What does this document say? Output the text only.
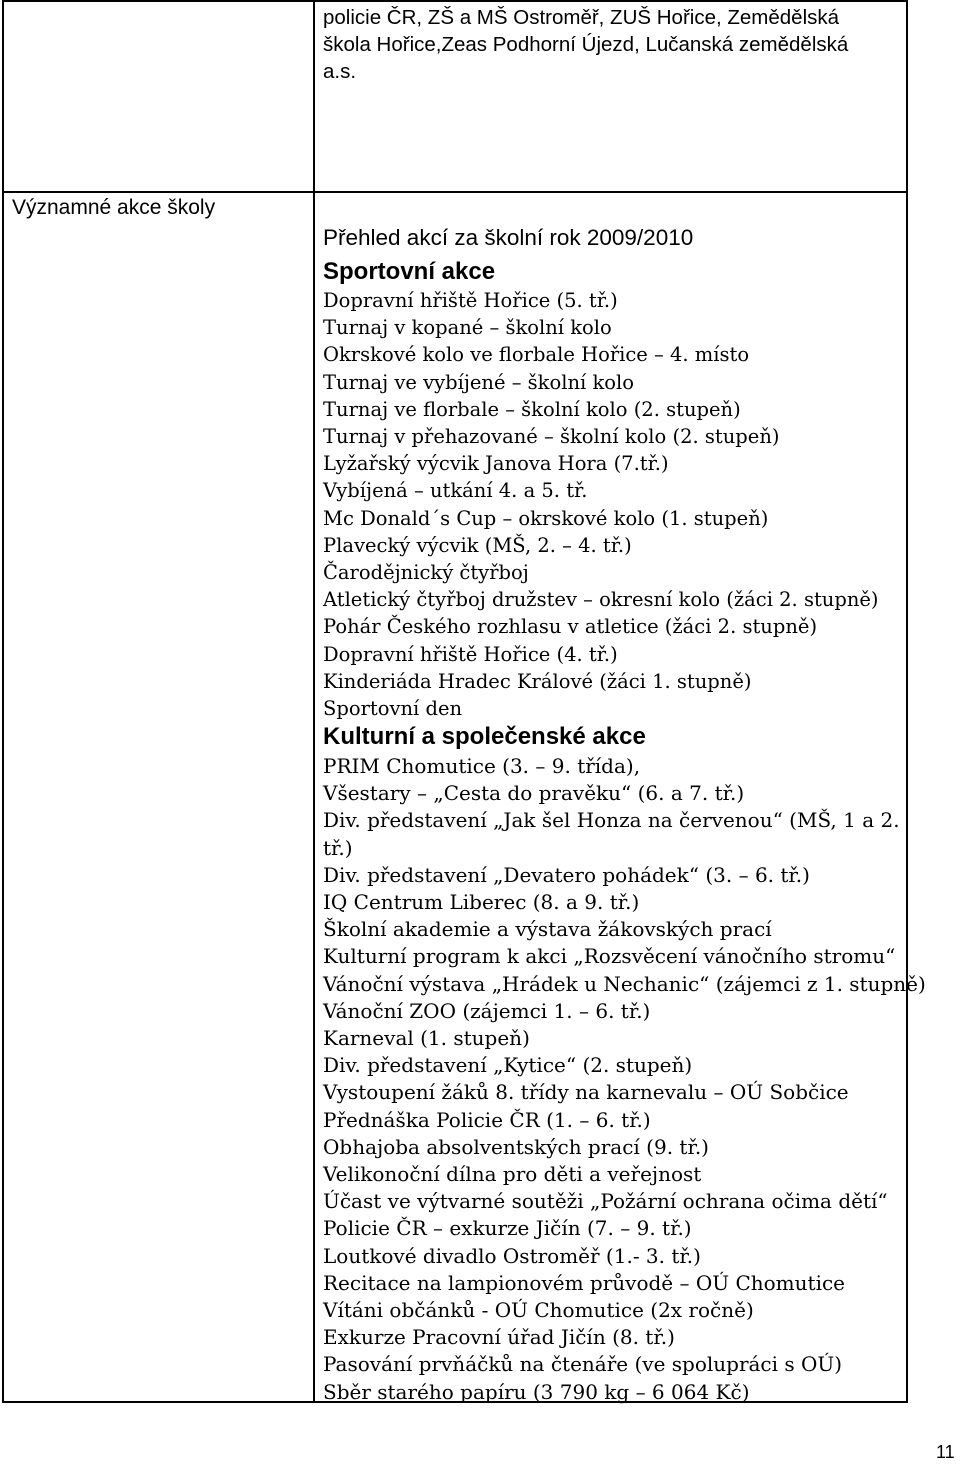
policie ČR, ZŠ a MŠ Ostroměř, ZUŠ Hořice, Zemědělská škola Hořice,Zeas Podhorní Újezd, Lučanská zemědělská a.s.
Významné akce školy
Přehled akcí za školní rok 2009/2010
Sportovní akce
Dopravní hřiště Hořice (5. tř.)
Turnaj v kopané – školní kolo
Okrskové kolo ve florbale Hořice – 4. místo
Turnaj ve vybíjené – školní kolo
Turnaj ve florbale – školní kolo (2. stupeň)
Turnaj v přehazované – školní kolo (2. stupeň)
Lyžařský výcvik Janova Hora (7.tř.)
Vybíjená – utkání 4. a 5. tř.
Mc Donald´s Cup – okrskové kolo (1. stupeň)
Plavecký výcvik (MŠ, 2. – 4. tř.)
Čarodějnický čtyřboj
Atletický čtyřboj družstev – okresní kolo (žáci 2. stupně)
Pohár Českého rozhlasu v atletice (žáci 2. stupně)
Dopravní hřiště Hořice (4. tř.)
Kinderiáda Hradec Králové (žáci 1. stupně)
Sportovní den
Kulturní a společenské akce
PRIM Chomutice (3. – 9. třída),
Všestary – „Cesta do pravěku“ (6. a 7. tř.)
Div. představení „Jak šel Honza na červenou“ (MŠ, 1 a 2.
tř.)
Div. představení „Devatero pohádek“ (3. – 6. tř.)
IQ Centrum Liberec (8. a 9. tř.)
Školní akademie a výstava žákovských prací
Kulturní program k akci „Rozsvěcení vánočního stromu“
Vánoční výstava „Hrádek u Nechanic“ (zájemci z 1. stupně)
Vánoční ZOO (zájemci 1. – 6. tř.)
Karneval (1. stupeň)
Div. představení „Kytice“ (2. stupeň)
Vystoupení žáků 8. třídy na karnevalu – OÚ Sobčice
Přednáška Policie ČR (1. – 6. tř.)
Obhajoba absolventských prací (9. tř.)
Velikonoční dílna pro děti a veřejnost
Účast ve výtvarné soutěži „Požární ochrana očima dětí“
Policie ČR – exkurze Jičín (7. – 9. tř.)
Loutkové divadlo Ostroměř (1.- 3. tř.)
Recitace na lampionovém průvodě – OÚ Chomutice
Vítáni občánků - OÚ Chomutice (2x ročně)
Exkurze Pracovní úřad Jičín (8. tř.)
Pasování prvňáčků na čtenáře (ve spolupráci s OÚ)
Sběr starého papíru (3 790 kg – 6 064 Kč)
11
